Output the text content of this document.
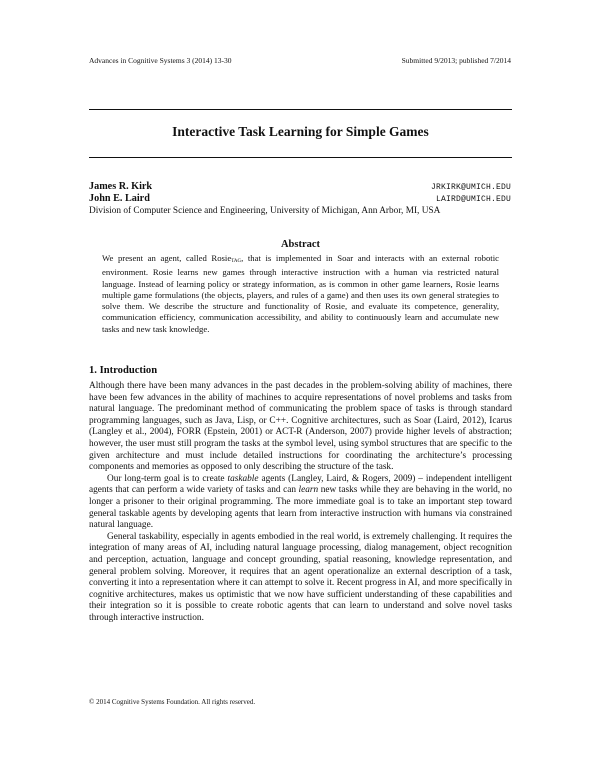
Advances in Cognitive Systems 3 (2014) 13-30	Submitted 9/2013; published 7/2014
Interactive Task Learning for Simple Games
James R. Kirk	JRKIRK@UMICH.EDU
John E. Laird	LAIRD@UMICH.EDU
Division of Computer Science and Engineering, University of Michigan, Ann Arbor, MI, USA
Abstract
We present an agent, called Rosie$_{TAG}$, that is implemented in Soar and interacts with an external robotic environment. Rosie learns new games through interactive instruction with a human via restricted natural language. Instead of learning policy or strategy information, as is common in other game learners, Rosie learns multiple game formulations (the objects, players, and rules of a game) and then uses its own general strategies to solve them. We describe the structure and functionality of Rosie, and evaluate its competence, generality, communication efficiency, communication accessibility, and ability to continuously learn and accumulate new tasks and new task knowledge.
1. Introduction

Although there have been many advances in the past decades in the problem-solving ability of machines, there have been few advances in the ability of machines to acquire representations of novel problems and tasks from natural language. The predominant method of communicating the problem space of tasks is through standard programming languages, such as Java, Lisp, or C++. Cognitive architectures, such as Soar (Laird, 2012), Icarus (Langley et al., 2004), FORR (Epstein, 2001) or ACT-R (Anderson, 2007) provide higher levels of abstraction; however, the user must still program the tasks at the symbol level, using symbol structures that are specific to the given architecture and must include detailed instructions for coordinating the architecture’s processing components and memories as opposed to only describing the structure of the task.

Our long-term goal is to create taskable agents (Langley, Laird, & Rogers, 2009) – independent intelligent agents that can perform a wide variety of tasks and can learn new tasks while they are behaving in the world, no longer a prisoner to their original programming. The more immediate goal is to take an important step toward general taskable agents by developing agents that learn from interactive instruction with humans via constrained natural language.

General taskability, especially in agents embodied in the real world, is extremely challenging. It requires the integration of many areas of AI, including natural language processing, dialog management, object recognition and perception, actuation, language and concept grounding, spatial reasoning, knowledge representation, and general problem solving. Moreover, it requires that an agent operationalize an external description of a task, converting it into a representation where it can attempt to solve it. Recent progress in AI, and more specifically in cognitive architectures, makes us optimistic that we now have sufficient understanding of these capabilities and their integration so it is possible to create robotic agents that can learn to understand and solve novel tasks through interactive instruction.

© 2014 Cognitive Systems Foundation. All rights reserved.
